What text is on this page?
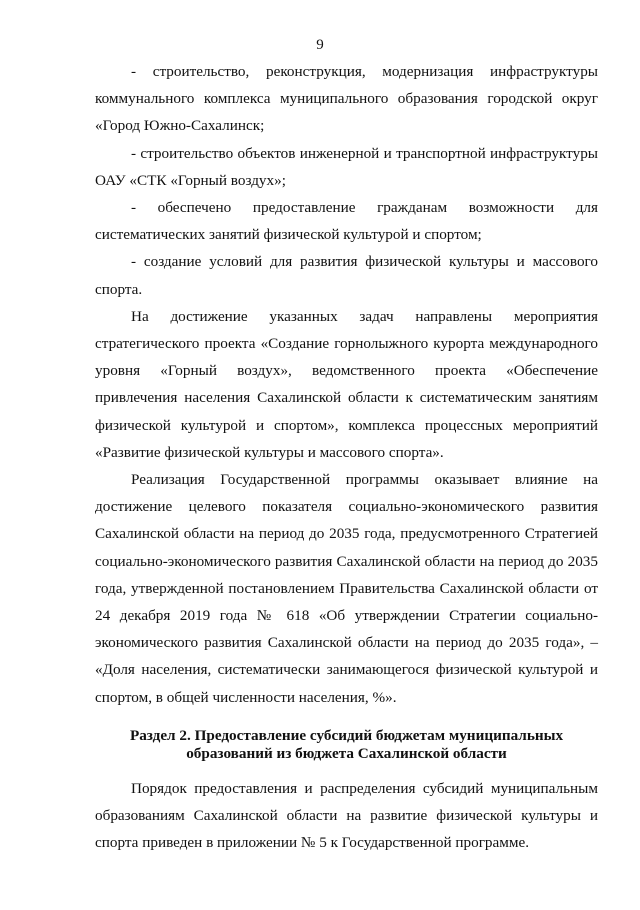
9

- строительство, реконструкция, модернизация инфраструктуры коммунального комплекса муниципального образования городской округ «Город Южно-Сахалинск;

- строительство объектов инженерной и транспортной инфраструктуры ОАУ «СТК «Горный воздух»;

- обеспечено предоставление гражданам возможности для систематических занятий физической культурой и спортом;

- создание условий для развития физической культуры и массового спорта.

На достижение указанных задач направлены мероприятия стратегического проекта «Создание горнолыжного курорта международного уровня «Горный воздух», ведомственного проекта «Обеспечение привлечения населения Сахалинской области к систематическим занятиям физической культурой и спортом», комплекса процессных мероприятий «Развитие физической культуры и массового спорта».

Реализация Государственной программы оказывает влияние на достижение целевого показателя социально-экономического развития Сахалинской области на период до 2035 года, предусмотренного Стратегией социально-экономического развития Сахалинской области на период до 2035 года, утвержденной постановлением Правительства Сахалинской области от 24 декабря 2019 года № 618 «Об утверждении Стратегии социально-экономического развития Сахалинской области на период до 2035 года», – «Доля населения, систематически занимающегося физической культурой и спортом, в общей численности населения, %».

Раздел 2. Предоставление субсидий бюджетам муниципальных
образований из бюджета Сахалинской области

Порядок предоставления и распределения субсидий муниципальным образованиям Сахалинской области на развитие физической культуры и спорта приведен в приложении № 5 к Государственной программе.
